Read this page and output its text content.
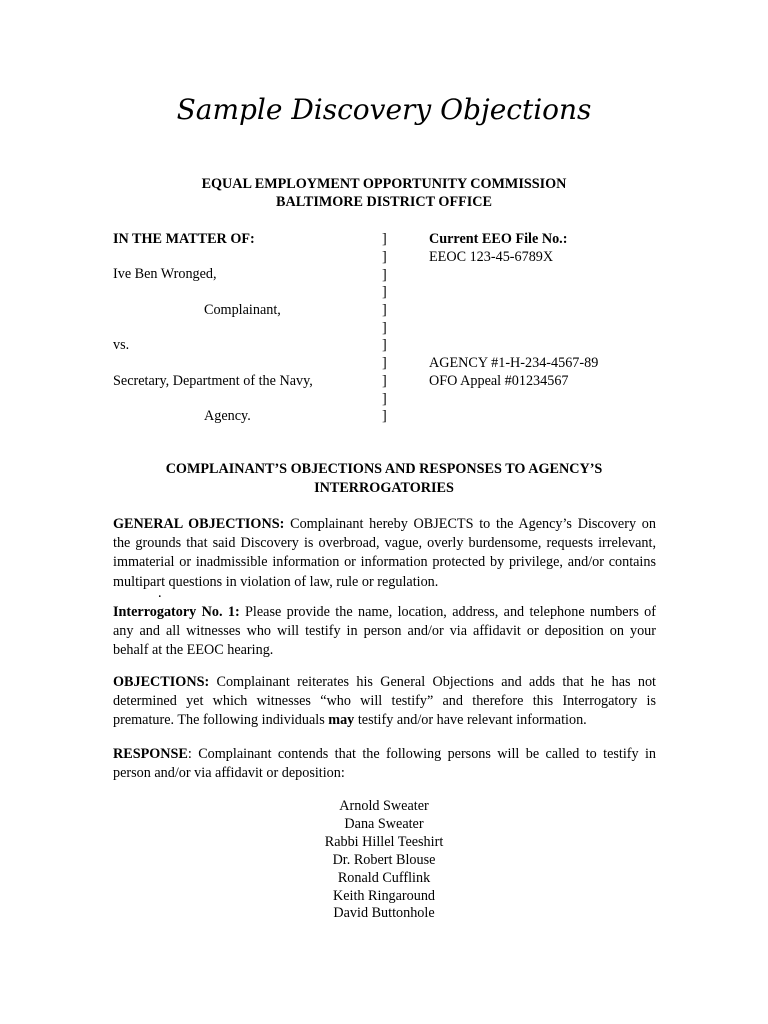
Sample Discovery Objections
EQUAL EMPLOYMENT OPPORTUNITY COMMISSION
BALTIMORE DISTRICT OFFICE
IN THE MATTER OF:
Ive Ben Wronged,
Complainant,
vs.
Secretary, Department of the Navy,
Agency.
]
]
]
]
]
]
]
]
]
]
]
Current EEO File No.:
EEOC 123-45-6789X
AGENCY #1-H-234-4567-89
OFO Appeal #01234567
COMPLAINANT’S OBJECTIONS AND RESPONSES TO AGENCY’S
INTERROGATORIES
GENERAL OBJECTIONS: Complainant hereby OBJECTS to the Agency’s Discovery on the grounds that said Discovery is overbroad, vague, overly burdensome, requests irrelevant, immaterial or inadmissible information or information protected by privilege, and/or contains multipart questions in violation of law, rule or regulation.
.
Interrogatory No. 1: Please provide the name, location, address, and telephone numbers of any and all witnesses who will testify in person and/or via affidavit or deposition on your behalf at the EEOC hearing.
OBJECTIONS: Complainant reiterates his General Objections and adds that he has not determined yet which witnesses “who will testify” and therefore this Interrogatory is premature. The following individuals may testify and/or have relevant information.
RESPONSE: Complainant contends that the following persons will be called to testify in person and/or via affidavit or deposition:
Arnold Sweater
Dana Sweater
Rabbi Hillel Teeshirt
Dr. Robert Blouse
Ronald Cufflink
Keith Ringaround
David Buttonhole
